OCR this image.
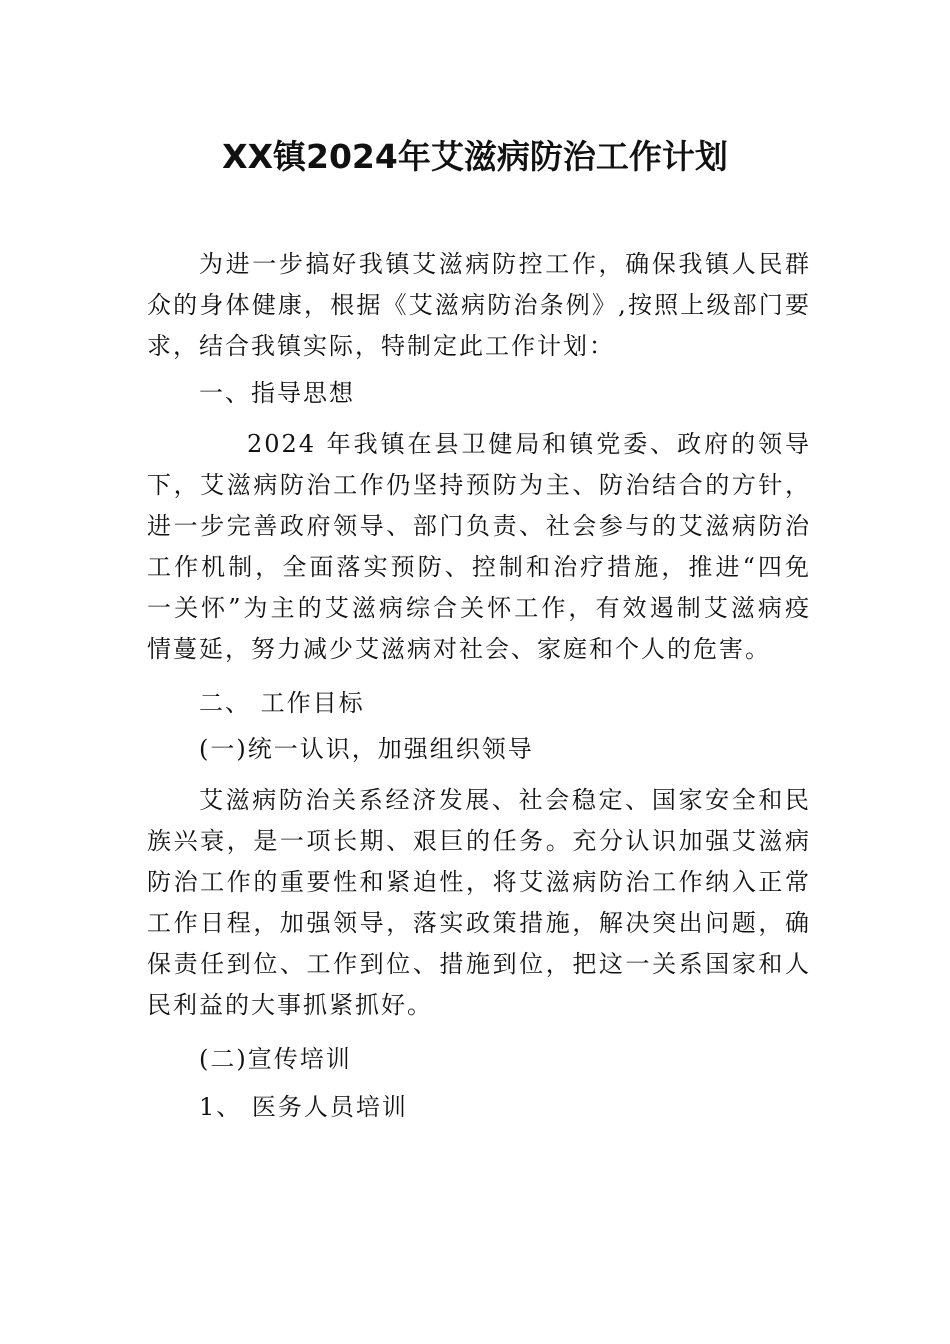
XX镇2024年艾滋病防治工作计划

为进一步搞好我镇艾滋病防控工作，确保我镇人民群众的身体健康，根据《艾滋病防治条例》,按照上级部门要求，结合我镇实际，特制定此工作计划：

一、指导思想

2024 年我镇在县卫健局和镇党委、政府的领导下，艾滋病防治工作仍坚持预防为主、防治结合的方针，进一步完善政府领导、部门负责、社会参与的艾滋病防治工作机制，全面落实预防、控制和治疗措施，推进“四免一关怀”为主的艾滋病综合关怀工作，有效遏制艾滋病疫情蔓延，努力减少艾滋病对社会、家庭和个人的危害。

二、 工作目标

(一)统一认识，加强组织领导

艾滋病防治关系经济发展、社会稳定、国家安全和民族兴衰，是一项长期、艰巨的任务。充分认识加强艾滋病防治工作的重要性和紧迫性，将艾滋病防治工作纳入正常工作日程，加强领导，落实政策措施，解决突出问题，确保责任到位、工作到位、措施到位，把这一关系国家和人民利益的大事抓紧抓好。

(二)宣传培训

1、 医务人员培训
